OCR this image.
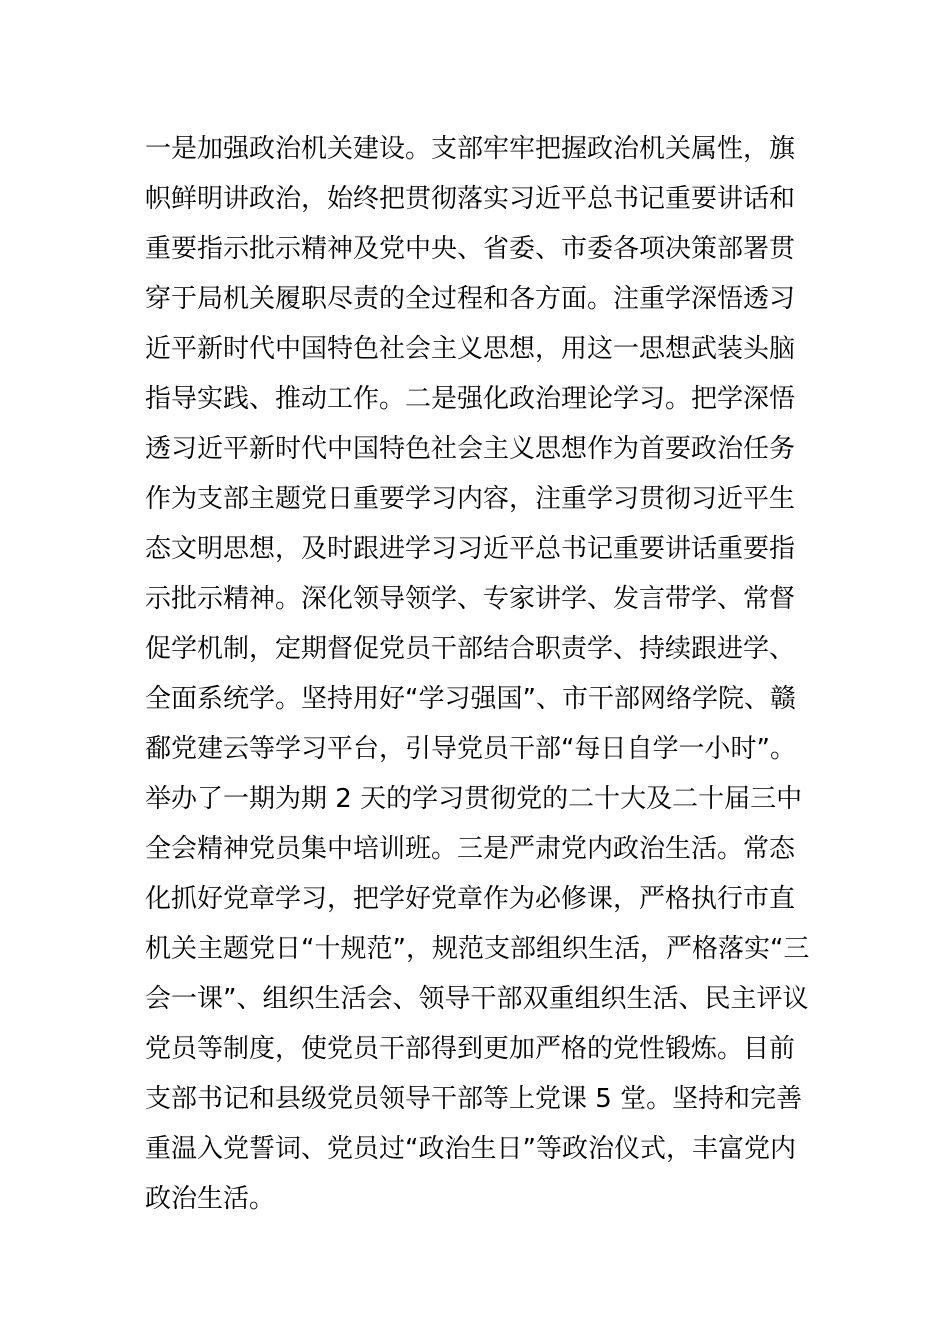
一是加强政治机关建设。支部牢牢把握政治机关属性，旗
帜鲜明讲政治，始终把贯彻落实习近平总书记重要讲话和
重要指示批示精神及党中央、省委、市委各项决策部署贯
穿于局机关履职尽责的全过程和各方面。注重学深悟透习
近平新时代中国特色社会主义思想，用这一思想武装头脑
指导实践、推动工作。二是强化政治理论学习。把学深悟
透习近平新时代中国特色社会主义思想作为首要政治任务
作为支部主题党日重要学习内容，注重学习贯彻习近平生
态文明思想，及时跟进学习习近平总书记重要讲话重要指
示批示精神。深化领导领学、专家讲学、发言带学、常督
促学机制，定期督促党员干部结合职责学、持续跟进学、
全面系统学。坚持用好“学习强国”、市干部网络学院、赣
鄱党建云等学习平台，引导党员干部“每日自学一小时”。
举办了一期为期 2 天的学习贯彻党的二十大及二十届三中
全会精神党员集中培训班。三是严肃党内政治生活。常态
化抓好党章学习，把学好党章作为必修课，严格执行市直
机关主题党日“十规范”，规范支部组织生活，严格落实“三
会一课”、组织生活会、领导干部双重组织生活、民主评议
党员等制度，使党员干部得到更加严格的党性锻炼。目前
支部书记和县级党员领导干部等上党课 5 堂。坚持和完善
重温入党誓词、党员过“政治生日”等政治仪式，丰富党内
政治生活。
